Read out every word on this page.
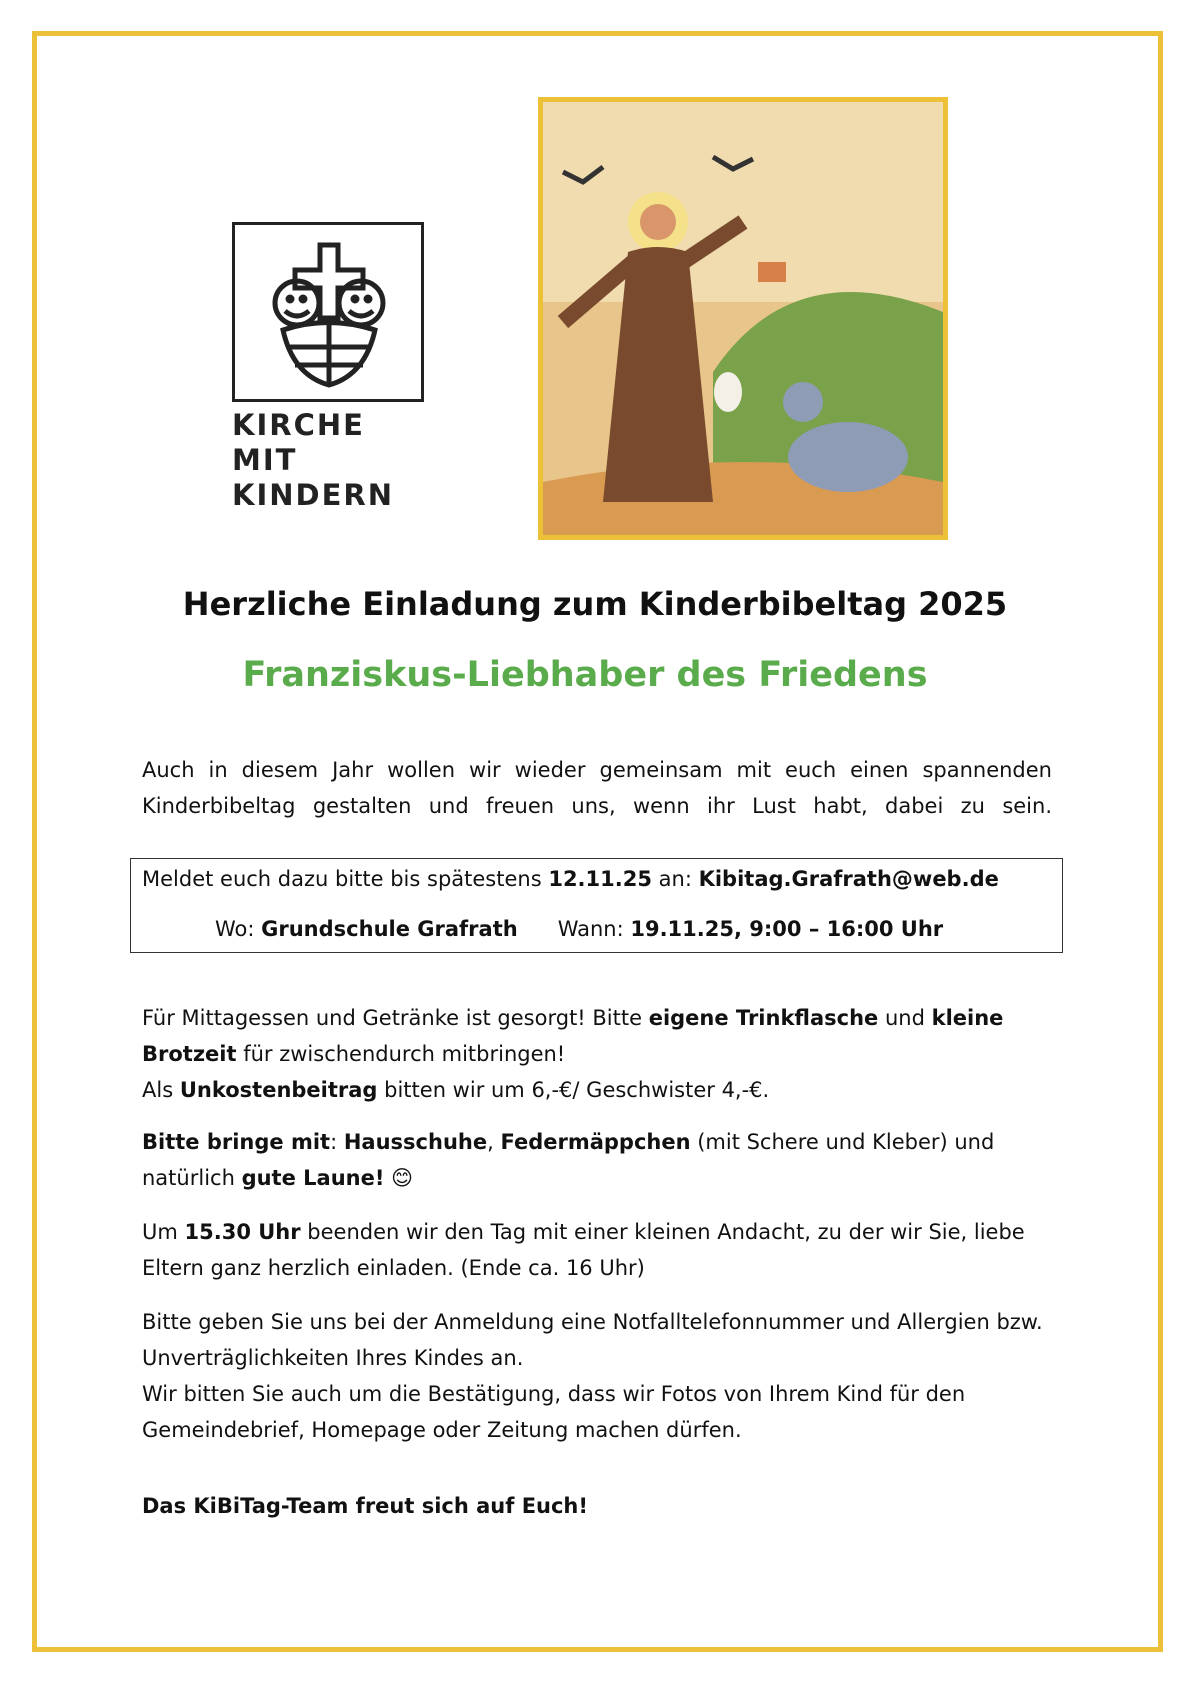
KIRCHE MIT
KINDERN
Herzliche Einladung zum Kinderbibeltag 2025
Franziskus-Liebhaber des Friedens
Auch in diesem Jahr wollen wir wieder gemeinsam mit euch einen spannenden
Kinderbibeltag gestalten und freuen uns, wenn ihr Lust habt, dabei zu sein.
Meldet euch dazu bitte bis spätestens 12.11.25 an: Kibitag.Grafrath@web.de
Wo: Grundschule Grafrath Wann: 19.11.25, 9:00 – 16:00 Uhr
Für Mittagessen und Getränke ist gesorgt! Bitte eigene Trinkflasche und kleine Brotzeit für zwischendurch mitbringen!
Als Unkostenbeitrag bitten wir um 6,-€/ Geschwister 4,-€.
Bitte bringe mit: Hausschuhe, Federmäppchen (mit Schere und Kleber) und natürlich gute Laune! 😊
Um 15.30 Uhr beenden wir den Tag mit einer kleinen Andacht, zu der wir Sie, liebe Eltern ganz herzlich einladen. (Ende ca. 16 Uhr)
Bitte geben Sie uns bei der Anmeldung eine Notfalltelefonnummer und Allergien bzw. Unverträglichkeiten Ihres Kindes an.
Wir bitten Sie auch um die Bestätigung, dass wir Fotos von Ihrem Kind für den Gemeindebrief, Homepage oder Zeitung machen dürfen.
Das KiBiTag-Team freut sich auf Euch!
